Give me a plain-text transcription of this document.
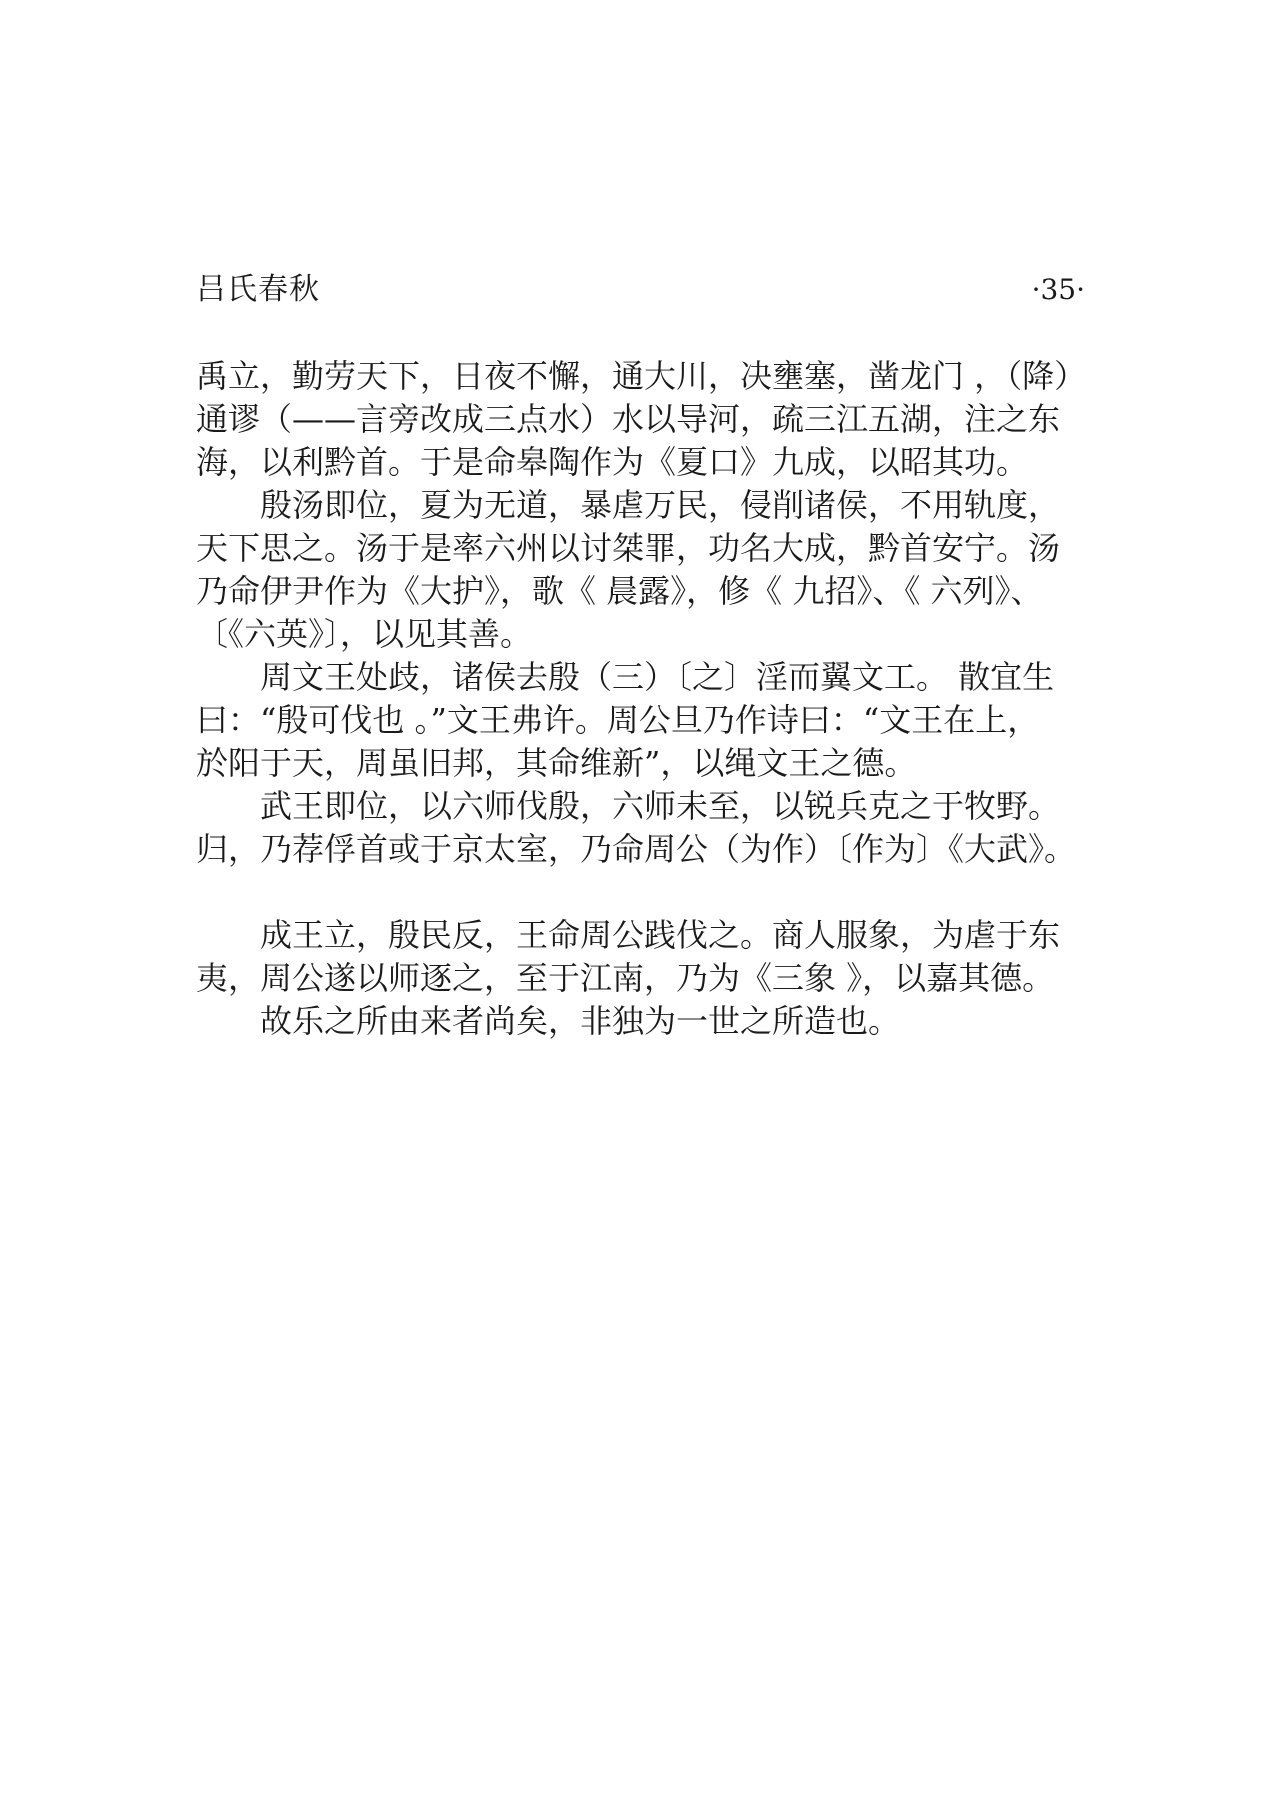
吕氏春秋	·35·
禹立，勤劳天下，日夜不懈，通大川，决壅塞，凿龙门 ，（降）
通谬（——言旁改成三点水）水以导河，疏三江五湖，注之东
海，以利黔首。于是命皋陶作为《夏口》九成，以昭其功。
殷汤即位，夏为无道，暴虐万民，侵削诸侯，不用轨度，
天下思之。汤于是率六州以讨桀罪，功名大成，黔首安宁。汤
乃命伊尹作为《大护》，歌《 晨露》，修《 九招》、《 六列》、
〔《六英》〕，以见其善。
周文王处歧，诸侯去殷（三）〔之〕淫而翼文工。 散宜生
曰：“殷可伐也 。”文王弗许。周公旦乃作诗曰：“文王在上，
於阳于天，周虽旧邦，其命维新”，以绳文王之德。
武王即位，以六师伐殷，六师未至，以锐兵克之于牧野。
归，乃荐俘首或于京太室，乃命周公（为作）〔作为〕《大武》。
成王立，殷民反，王命周公践伐之。商人服象，为虐于东
夷，周公遂以师逐之，至于江南，乃为《三象 》，以嘉其德。
故乐之所由来者尚矣，非独为一世之所造也。
